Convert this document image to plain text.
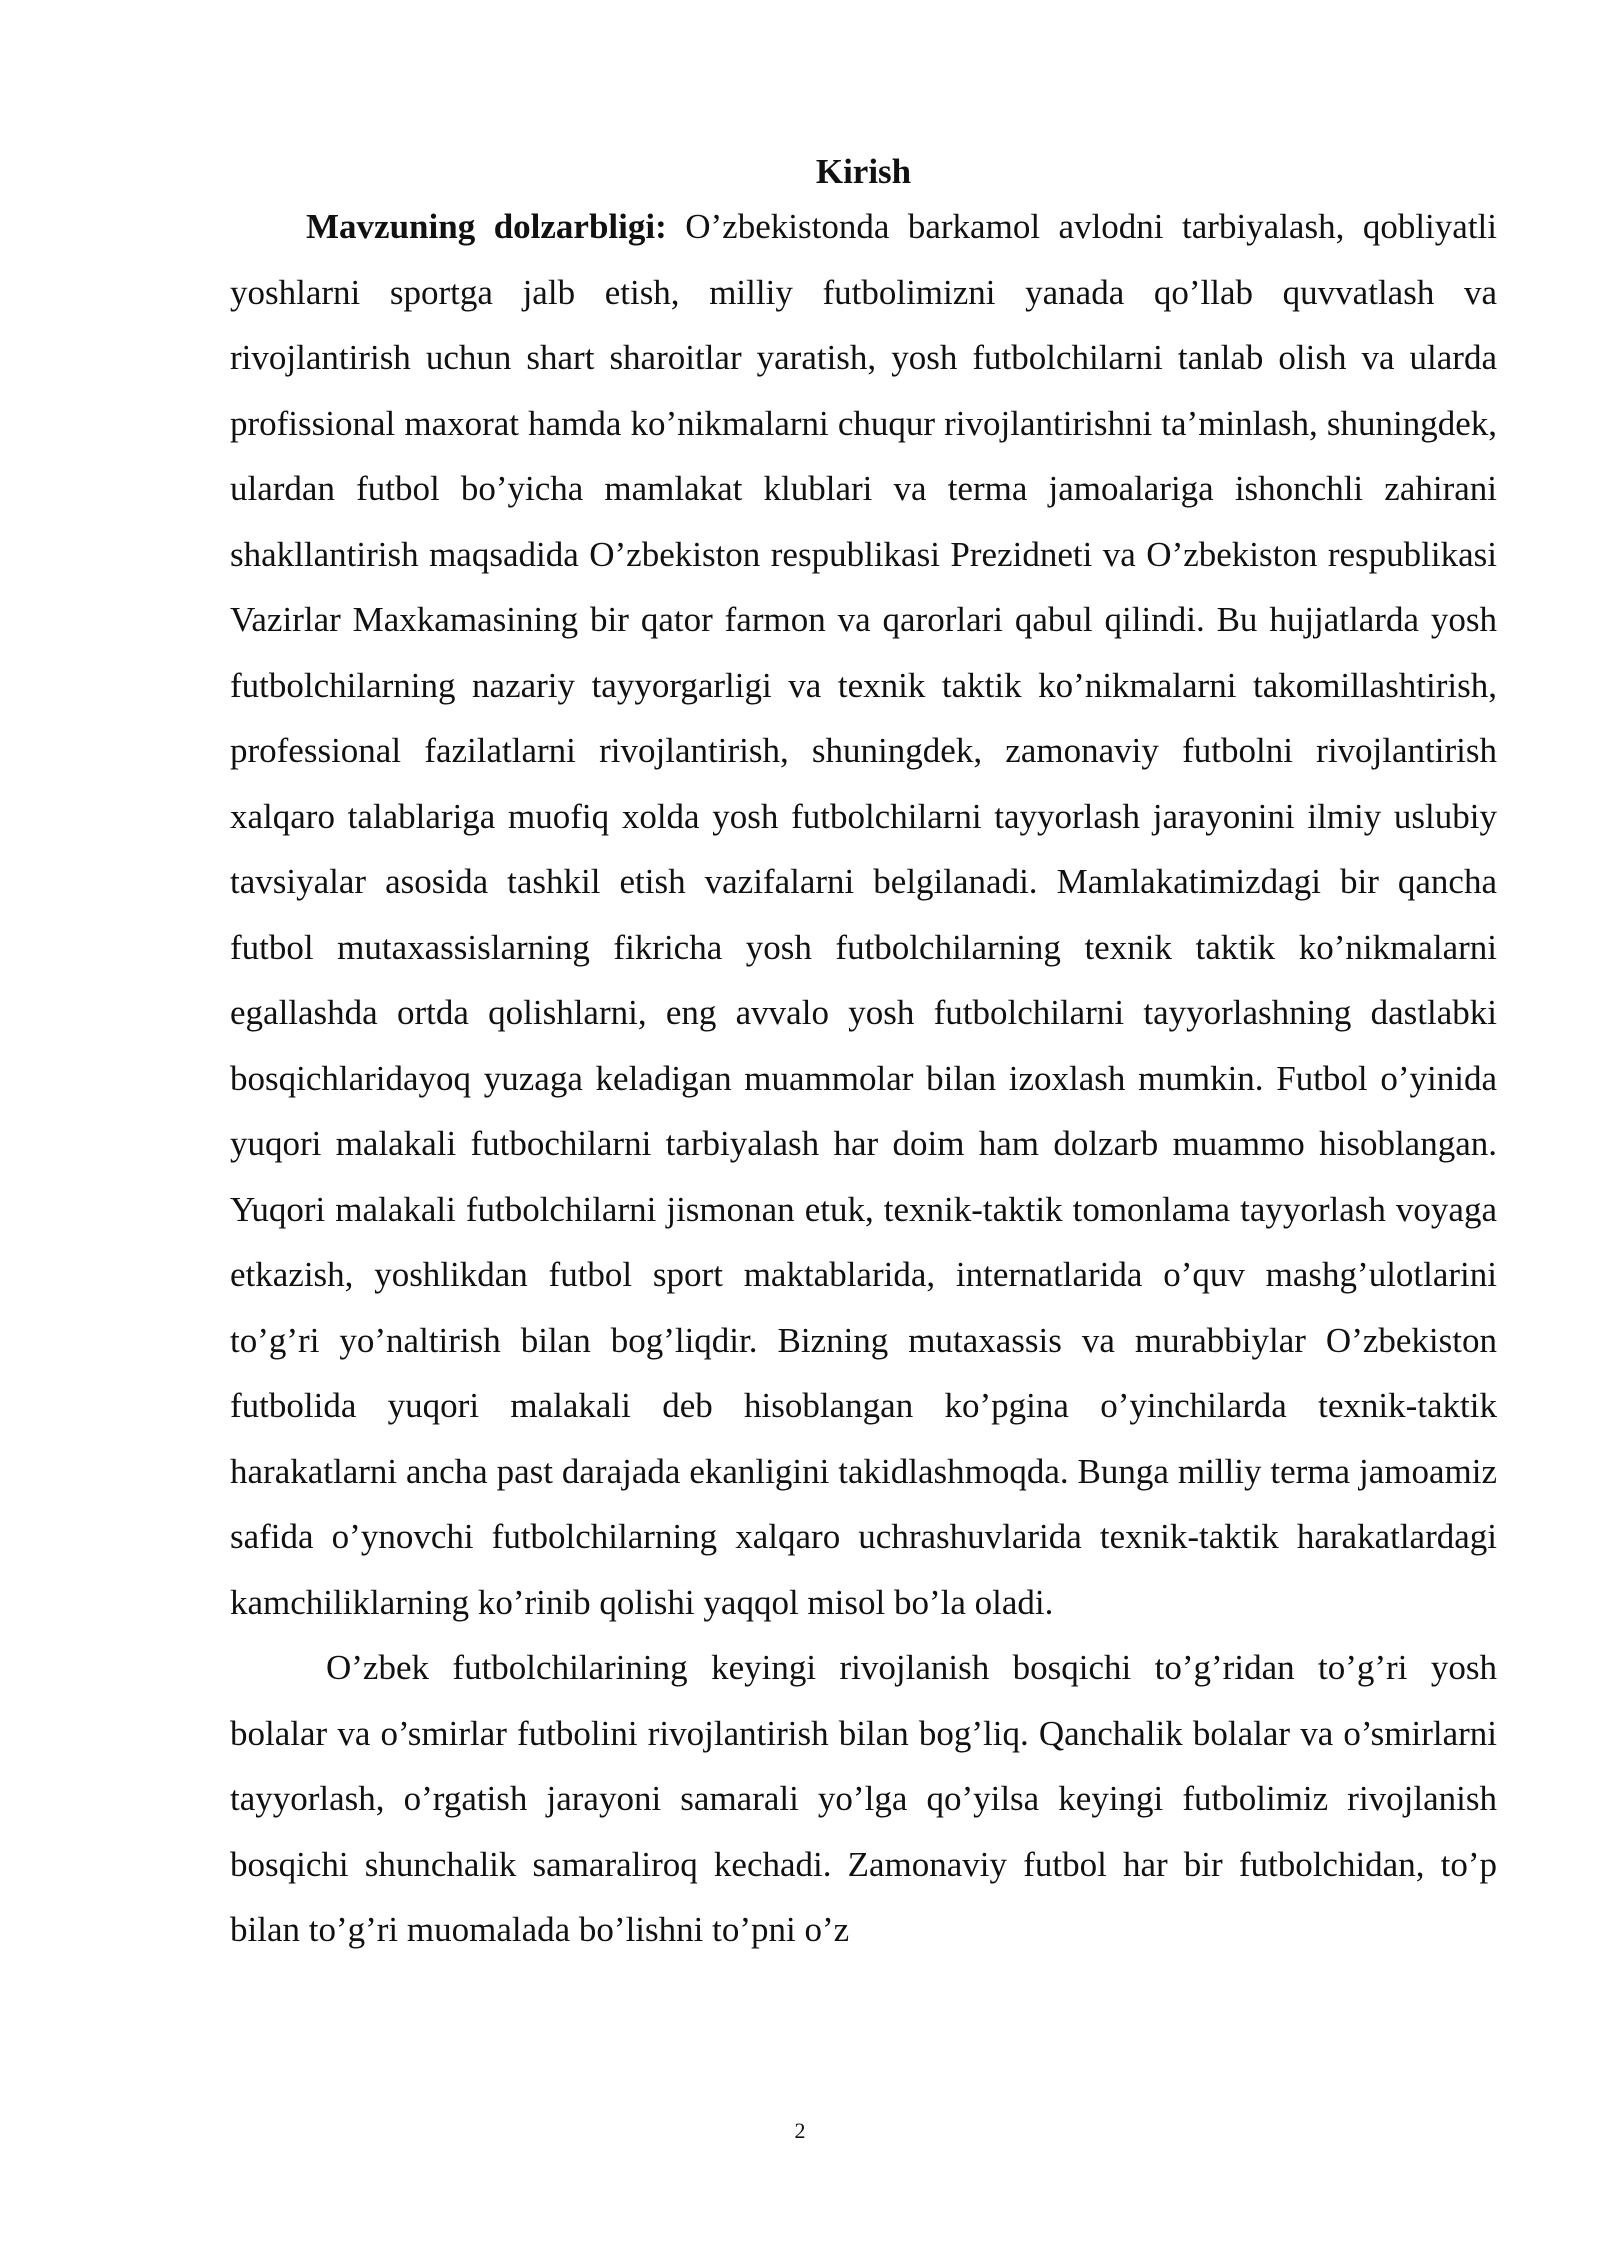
Kirish

Mavzuning dolzarbligi: O’zbekistonda barkamol avlodni tarbiyalash, qobliyatli yoshlarni sportga jalb etish, milliy futbolimizni yanada qo’llab quvvatlash va rivojlantirish uchun shart sharoitlar yaratish, yosh futbolchilarni tanlab olish va ularda profissional maxorat hamda ko’nikmalarni chuqur rivojlantirishni ta’minlash, shuningdek, ulardan futbol bo’yicha mamlakat klublari va terma jamoalariga ishonchli zahirani shakllantirish maqsadida O’zbekiston respublikasi Prezidneti va O’zbekiston respublikasi Vazirlar Maxkamasining bir qator farmon va qarorlari qabul qilindi. Bu hujjatlarda yosh futbolchilarning nazariy tayyorgarligi va texnik taktik ko’nikmalarni takomillashtirish, professional fazilatlarni rivojlantirish, shuningdek, zamonaviy futbolni rivojlantirish xalqaro talablariga muofiq xolda yosh futbolchilarni tayyorlash jarayonini ilmiy uslubiy tavsiyalar asosida tashkil etish vazifalarni belgilanadi. Mamlakatimizdagi bir qancha futbol mutaxassislarning fikricha yosh futbolchilarning texnik taktik ko’nikmalarni egallashda ortda qolishlarni, eng avvalo yosh futbolchilarni tayyorlashning dastlabki bosqichlaridayoq yuzaga keladigan muammolar bilan izoxlash mumkin. Futbol o’yinida yuqori malakali futbochilarni tarbiyalash har doim ham dolzarb muammo hisoblangan. Yuqori malakali futbolchilarni jismonan etuk, texnik-taktik tomonlama tayyorlash voyaga etkazish, yoshlikdan futbol sport maktablarida, internatlarida o’quv mashg’ulotlarini to’g’ri yo’naltirish bilan bog’liqdir. Bizning mutaxassis va murabbiylar O’zbekiston futbolida yuqori malakali deb hisoblangan ko’pgina o’yinchilarda texnik-taktik harakatlarni ancha past darajada ekanligini takidlashmoqda. Bunga milliy terma jamoamiz safida o’ynovchi futbolchilarning xalqaro uchrashuvlarida texnik-taktik harakatlardagi kamchiliklarning ko’rinib qolishi yaqqol misol bo’la oladi.

O’zbek futbolchilarining keyingi rivojlanish bosqichi to’g’ridan to’g’ri yosh bolalar va o’smirlar futbolini rivojlantirish bilan bog’liq. Qanchalik bolalar va o’smirlarni tayyorlash, o’rgatish jarayoni samarali yo’lga qo’yilsa keyingi futbolimiz rivojlanish bosqichi shunchalik samaraliroq kechadi. Zamonaviy futbol har bir futbolchidan, to’p bilan to’g’ri muomalada bo’lishni to’pni o’z

2
